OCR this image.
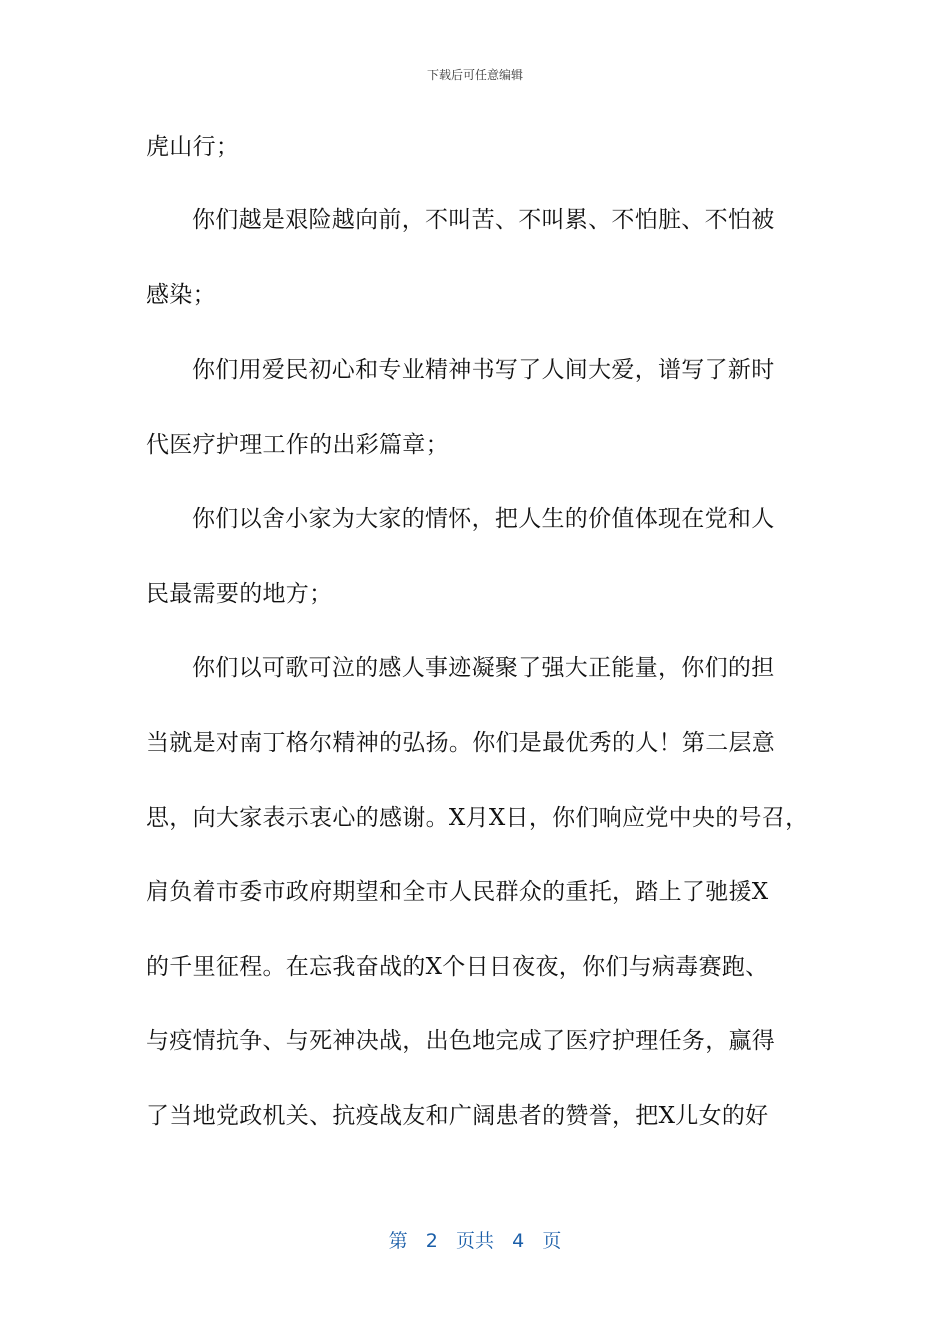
下载后可任意编辑
虎山行；
你们越是艰险越向前，不叫苦、不叫累、不怕脏、不怕被
感染；
你们用爱民初心和专业精神书写了人间大爱，谱写了新时
代医疗护理工作的出彩篇章；
你们以舍小家为大家的情怀，把人生的价值体现在党和人
民最需要的地方；
你们以可歌可泣的感人事迹凝聚了强大正能量，你们的担
当就是对南丁格尔精神的弘扬。你们是最优秀的人！第二层意
思，向大家表示衷心的感谢。X月X日，你们响应党中央的号召，
肩负着市委市政府期望和全市人民群众的重托，踏上了驰援X
的千里征程。在忘我奋战的X个日日夜夜，你们与病毒赛跑、
与疫情抗争、与死神决战，出色地完成了医疗护理任务，赢得
了当地党政机关、抗疫战友和广阔患者的赞誉，把X儿女的好
第 2 页共 4 页
